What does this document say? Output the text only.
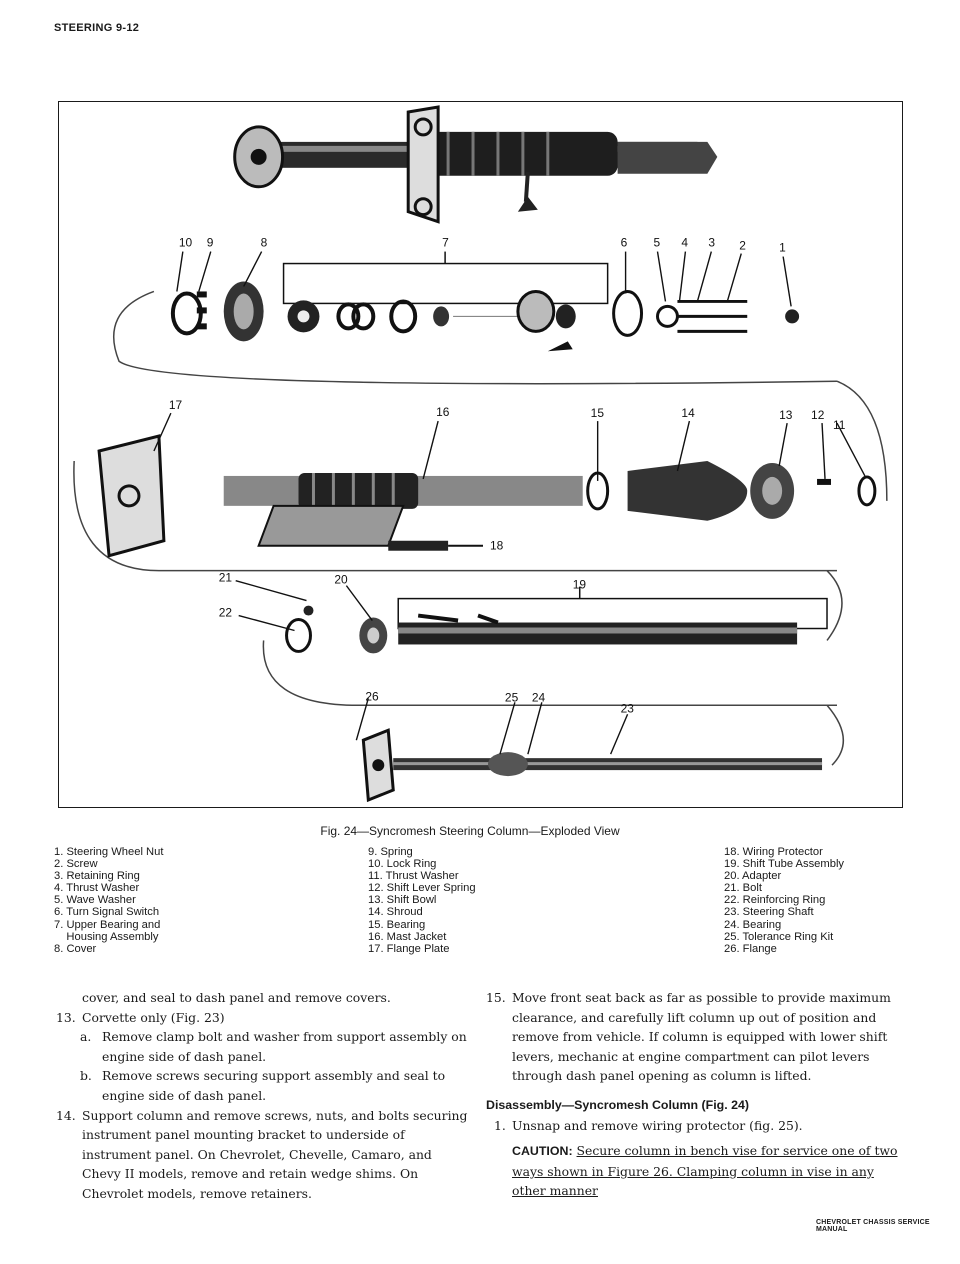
STEERING 9-12
10 9	8	7	6 5 4 3 2	1
17	16	15	14	13 12
11
18
21	20	19
22
26	25 24
23
Fig. 24—Syncromesh Steering Column—Exploded View
1. Steering Wheel Nut
2. Screw
3. Retaining Ring
4. Thrust Washer
5. Wave Washer
6. Turn Signal Switch
7. Upper Bearing and
Housing Assembly
8. Cover
9. Spring
10. Lock Ring
11. Thrust Washer
12. Shift Lever Spring
13. Shift Bowl
14. Shroud
15. Bearing
16. Mast Jacket
17. Flange Plate
18. Wiring Protector
19. Shift Tube Assembly
20. Adapter
21. Bolt
22. Reinforcing Ring
23. Steering Shaft
24. Bearing
25. Tolerance Ring Kit
26. Flange
cover, and seal to dash panel and remove covers.
13. Corvette only (Fig. 23)
a. Remove clamp bolt and washer from support assembly on engine side of dash panel.
b. Remove screws securing support assembly and seal to engine side of dash panel.
14. Support column and remove screws, nuts, and bolts securing instrument panel mounting bracket to underside of instrument panel. On Chevrolet, Chevelle, Camaro, and Chevy II models, remove and retain wedge shims. On Chevrolet models, remove retainers.
15. Move front seat back as far as possible to provide maximum clearance, and carefully lift column up out of position and remove from vehicle. If column is equipped with lower shift levers, mechanic at engine compartment can pilot levers through dash panel opening as column is lifted.
Disassembly—Syncromesh Column (Fig. 24)
1. Unsnap and remove wiring protector (fig. 25).
CAUTION: Secure column in bench vise for service one of two ways shown in Figure 26. Clamping column in vise in any other manner
CHEVROLET CHASSIS SERVICE MANUAL
